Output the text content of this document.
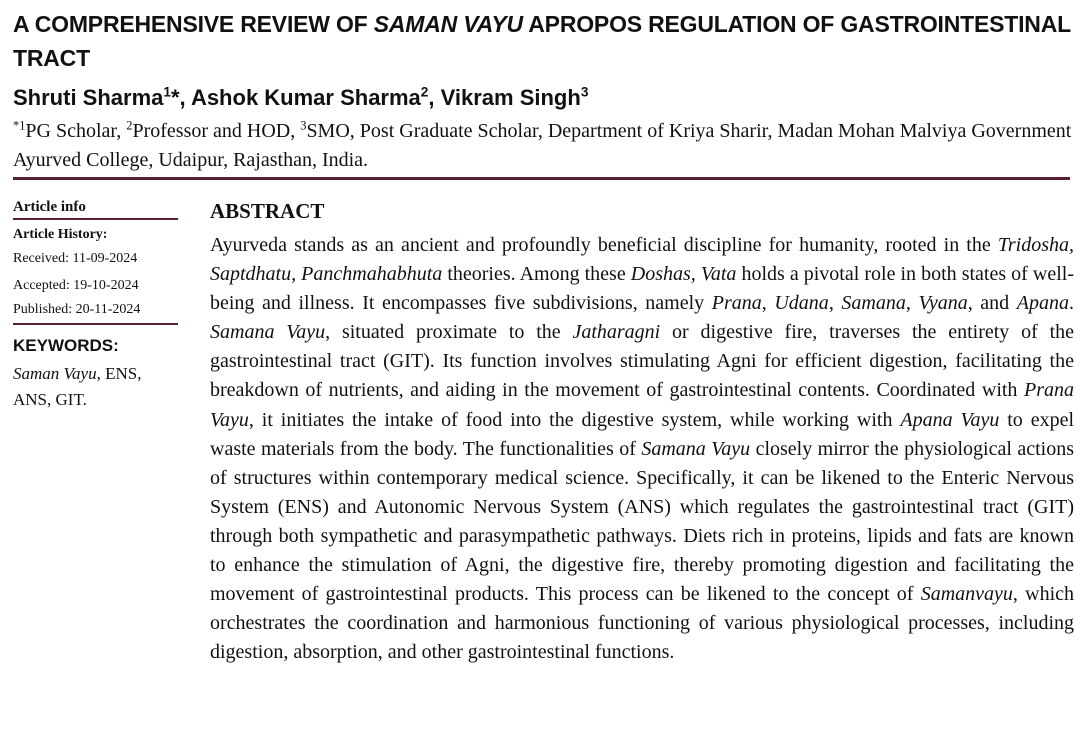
A COMPREHENSIVE REVIEW OF SAMAN VAYU APROPOS REGULATION OF GASTROINTESTINAL TRACT
Shruti Sharma$^1$*, Ashok Kumar Sharma$^2$, Vikram Singh$^3$
$^{*1}$PG Scholar, $^2$Professor and HOD, $^3$SMO, Post Graduate Scholar, Department of Kriya Sharir, Madan Mohan Malviya Government Ayurved College, Udaipur, Rajasthan, India.
Article info
Article History:
Received: 11-09-2024
Accepted: 19-10-2024
Published: 20-11-2024
KEYWORDS:
Saman Vayu, ENS, ANS, GIT.
ABSTRACT

Ayurveda stands as an ancient and profoundly beneficial discipline for humanity, rooted in the Tridosha, Saptdhatu, Panchmahabhuta theories. Among these Doshas, Vata holds a pivotal role in both states of well-being and illness. It encompasses five subdivisions, namely Prana, Udana, Samana, Vyana, and Apana. Samana Vayu, situated proximate to the Jatharagni or digestive fire, traverses the entirety of the gastrointestinal tract (GIT). Its function involves stimulating Agni for efficient digestion, facilitating the breakdown of nutrients, and aiding in the movement of gastrointestinal contents. Coordinated with Prana Vayu, it initiates the intake of food into the digestive system, while working with Apana Vayu to expel waste materials from the body. The functionalities of Samana Vayu closely mirror the physiological actions of structures within contemporary medical science. Specifically, it can be likened to the Enteric Nervous System (ENS) and Autonomic Nervous System (ANS) which regulates the gastrointestinal tract (GIT) through both sympathetic and parasympathetic pathways. Diets rich in proteins, lipids and fats are known to enhance the stimulation of Agni, the digestive fire, thereby promoting digestion and facilitating the movement of gastrointestinal products. This process can be likened to the concept of Samanvayu, which orchestrates the coordination and harmonious functioning of various physiological processes, including digestion, absorption, and other gastrointestinal functions.
